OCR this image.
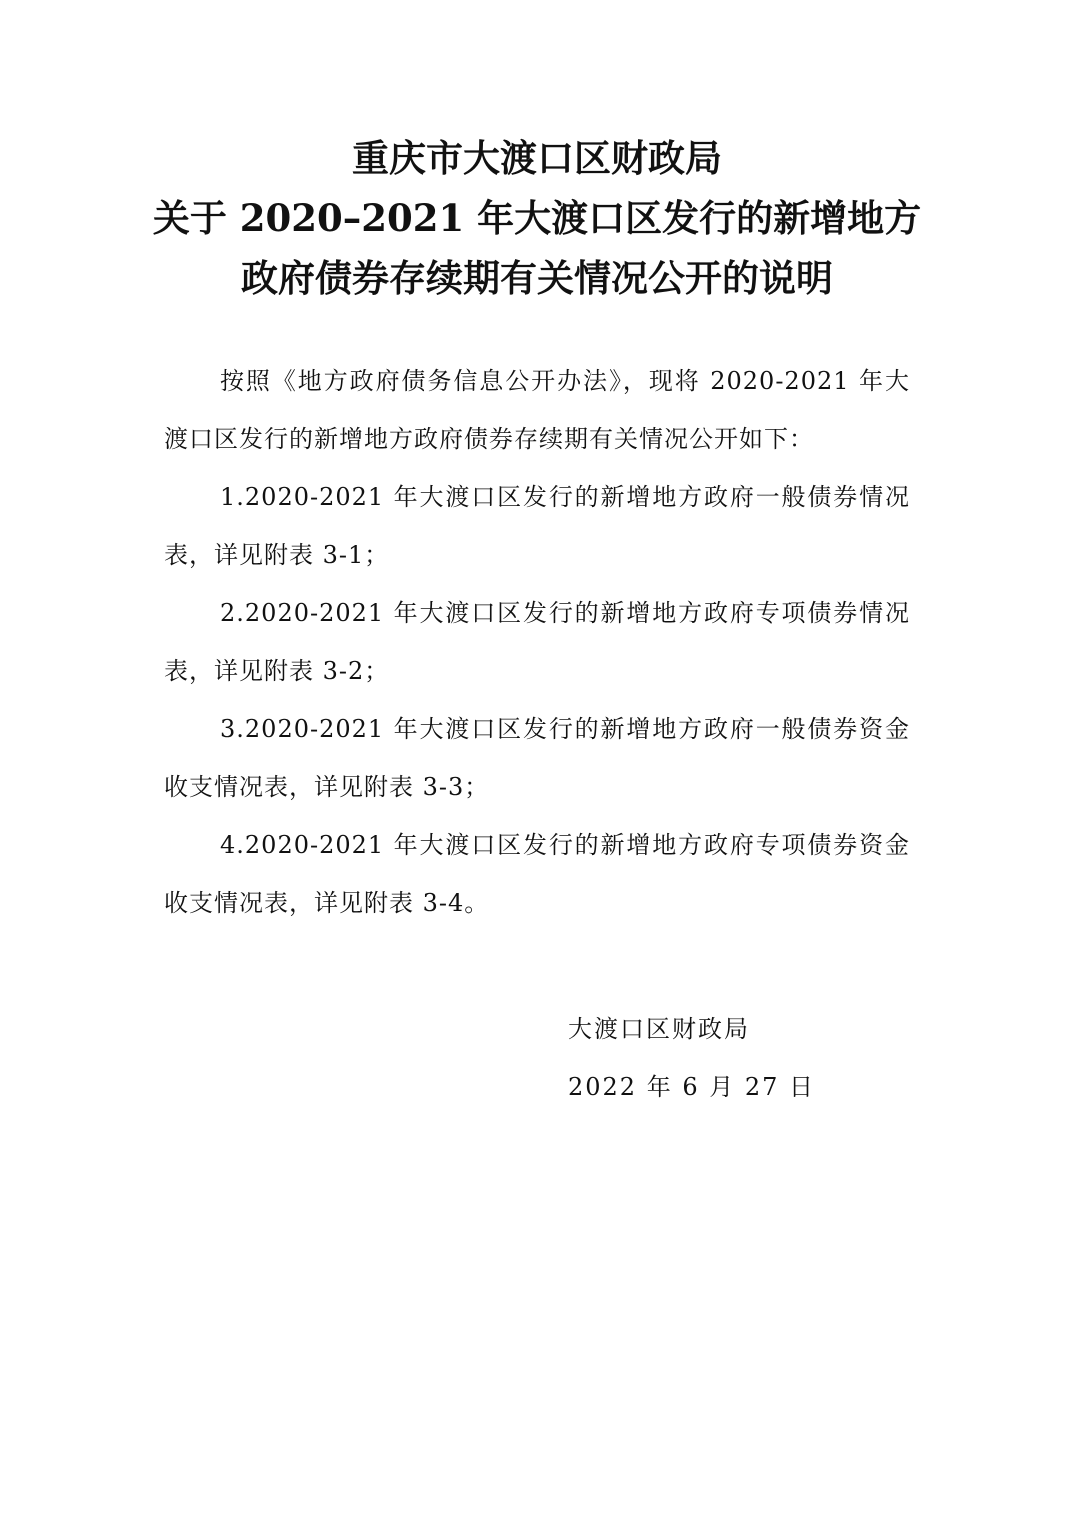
重庆市大渡口区财政局
关于 2020–2021 年大渡口区发行的新增地方
政府债券存续期有关情况公开的说明

按照《地方政府债务信息公开办法》，现将 2020-2021 年大渡口区发行的新增地方政府债券存续期有关情况公开如下：

1.2020-2021 年大渡口区发行的新增地方政府一般债券情况表，详见附表 3-1；

2.2020-2021 年大渡口区发行的新增地方政府专项债券情况表，详见附表 3-2；

3.2020-2021 年大渡口区发行的新增地方政府一般债券资金收支情况表，详见附表 3-3；

4.2020-2021 年大渡口区发行的新增地方政府专项债券资金收支情况表，详见附表 3-4。

大渡口区财政局
2022 年 6 月 27 日
